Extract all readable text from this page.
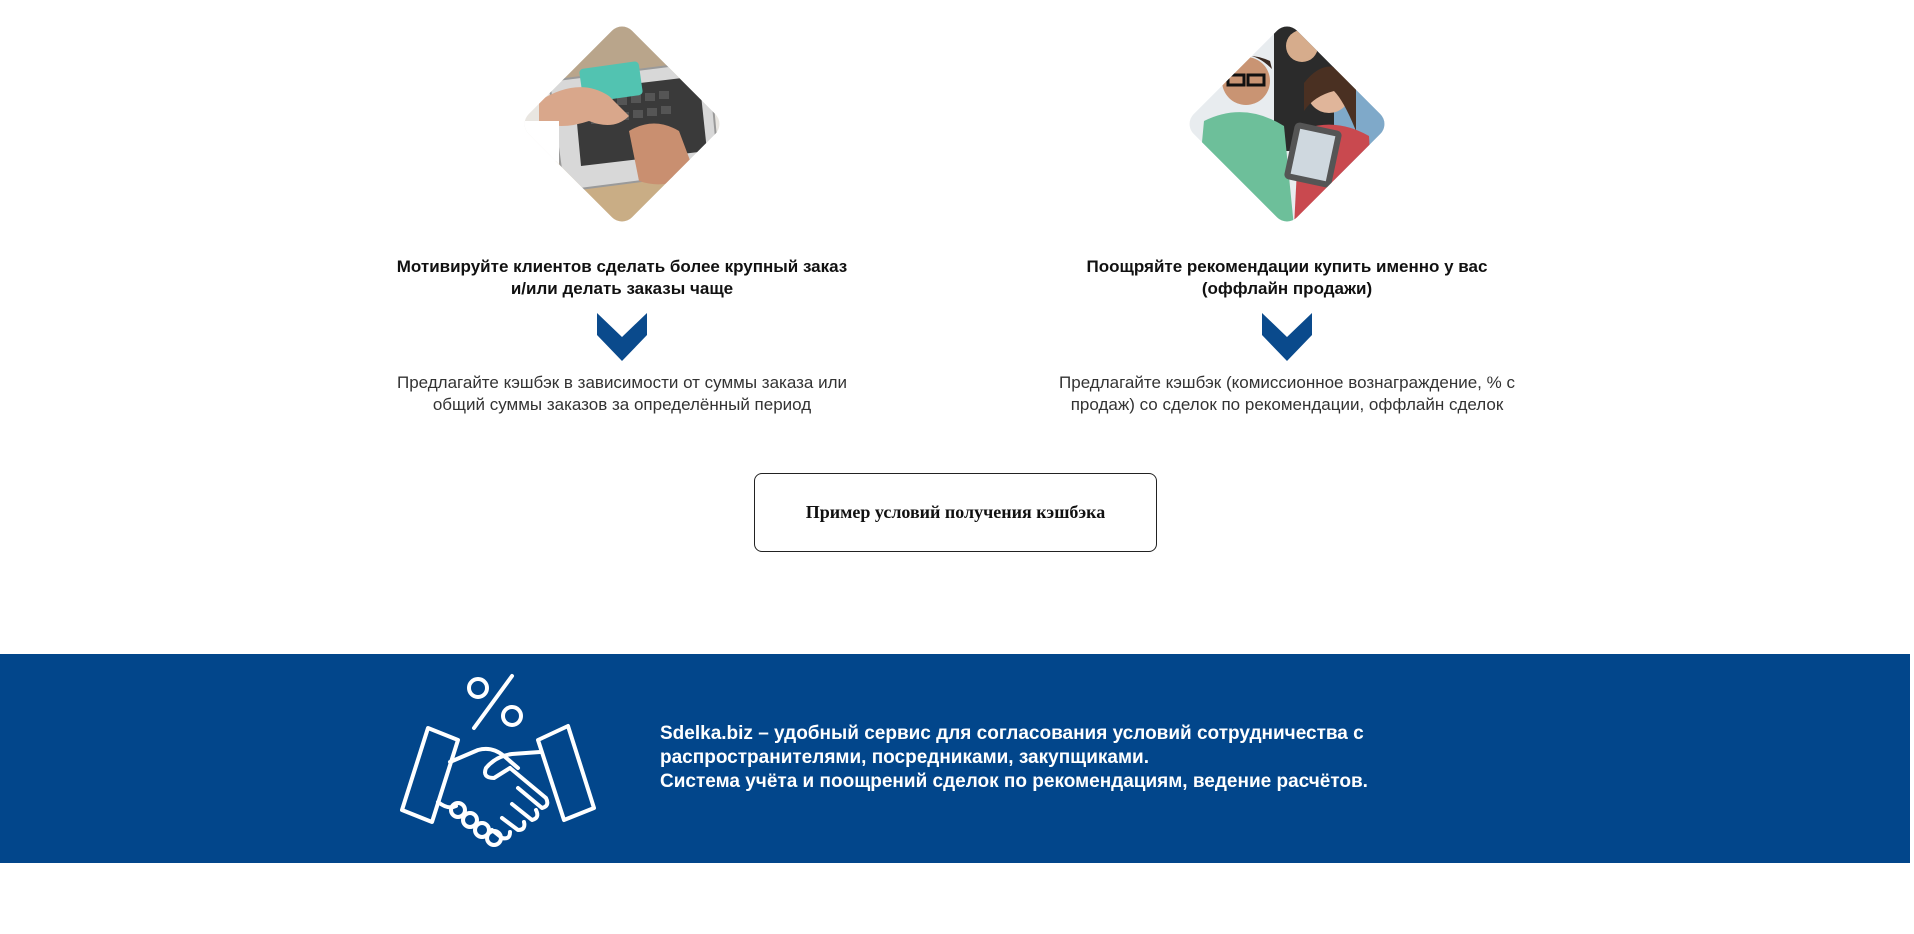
Мотивируйте клиентов сделать более крупный заказ
и/или делать заказы чаще
Предлагайте кэшбэк в зависимости от суммы заказа или
общий суммы заказов за определённый период
Поощряйте рекомендации купить именно у вас
(оффлайн продажи)
Предлагайте кэшбэк (комиссионное вознаграждение, % с
продаж) со сделок по рекомендации, оффлайн сделок
Пример условий получения кэшбэка
Sdelka.biz – удобный сервис для согласования условий сотрудничества с
распространителями, посредниками, закупщиками.
Система учёта и поощрений сделок по рекомендациям, ведение расчётов.
